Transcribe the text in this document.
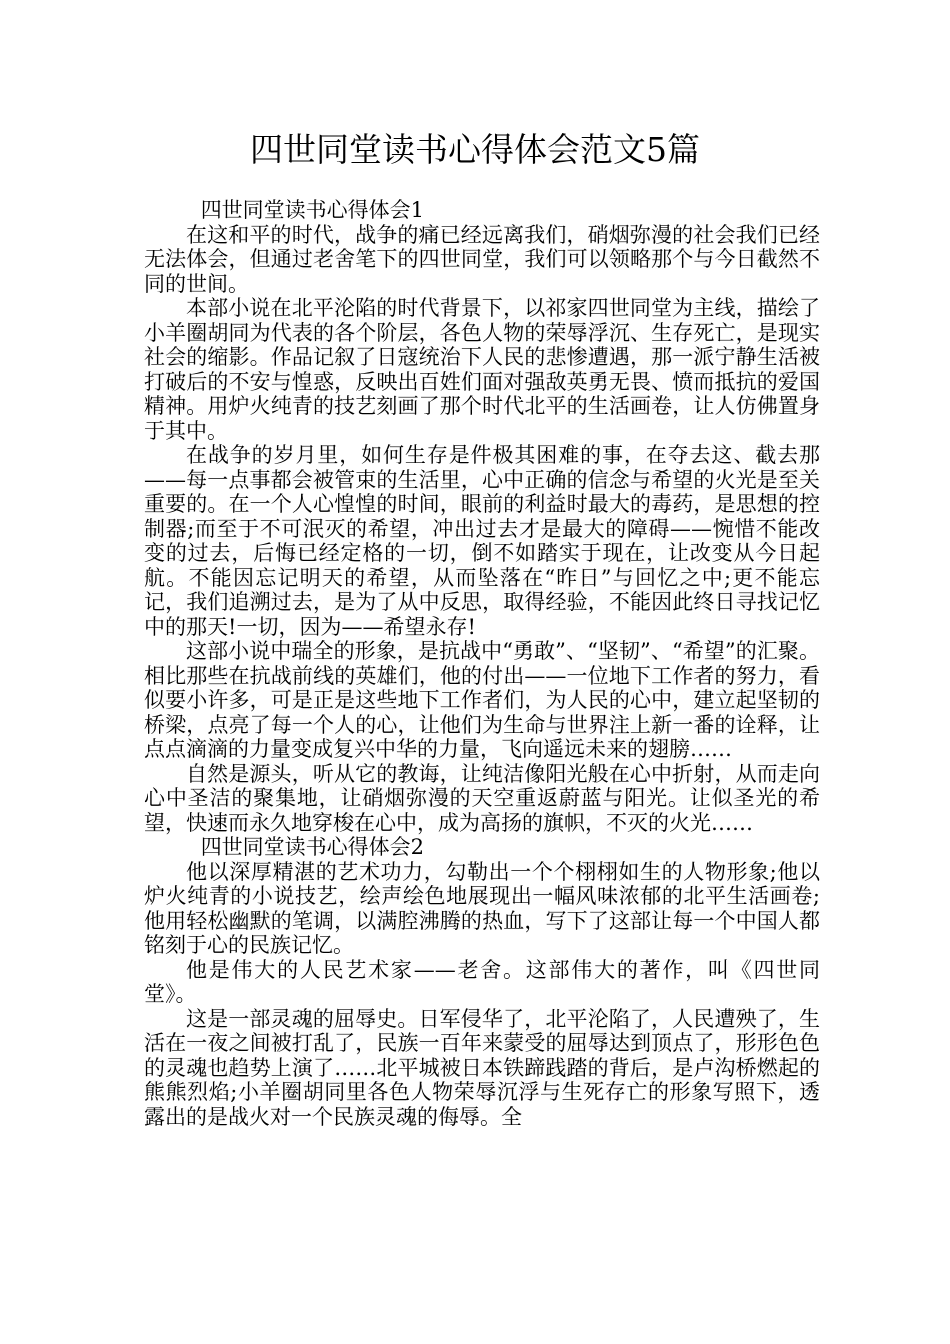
四世同堂读书心得体会范文5篇

四世同堂读书心得体会1

在这和平的时代，战争的痛已经远离我们，硝烟弥漫的社会我们已经无法体会，但通过老舍笔下的四世同堂，我们可以领略那个与今日截然不同的世间。

本部小说在北平沦陷的时代背景下，以祁家四世同堂为主线，描绘了小羊圈胡同为代表的各个阶层，各色人物的荣辱浮沉、生存死亡，是现实社会的缩影。作品记叙了日寇统治下人民的悲惨遭遇，那一派宁静生活被打破后的不安与惶惑，反映出百姓们面对强敌英勇无畏、愤而抵抗的爱国精神。用炉火纯青的技艺刻画了那个时代北平的生活画卷，让人仿佛置身于其中。

在战争的岁月里，如何生存是件极其困难的事，在夺去这、截去那——每一点事都会被管束的生活里，心中正确的信念与希望的火光是至关重要的。在一个人心惶惶的时间，眼前的利益时最大的毒药，是思想的控制器;而至于不可泯灭的希望，冲出过去才是最大的障碍——惋惜不能改变的过去，后悔已经定格的一切，倒不如踏实于现在，让改变从今日起航。不能因忘记明天的希望，从而坠落在“昨日”与回忆之中;更不能忘记，我们追溯过去，是为了从中反思，取得经验，不能因此终日寻找记忆中的那天!一切，因为——希望永存!

这部小说中瑞全的形象，是抗战中“勇敢”、“坚韧”、“希望”的汇聚。相比那些在抗战前线的英雄们，他的付出——一位地下工作者的努力，看似要小许多，可是正是这些地下工作者们，为人民的心中，建立起坚韧的桥梁，点亮了每一个人的心，让他们为生命与世界注上新一番的诠释，让点点滴滴的力量变成复兴中华的力量，飞向遥远未来的翅膀……

自然是源头，听从它的教诲，让纯洁像阳光般在心中折射，从而走向心中圣洁的聚集地，让硝烟弥漫的天空重返蔚蓝与阳光。让似圣光的希望，快速而永久地穿梭在心中，成为高扬的旗帜，不灭的火光……

四世同堂读书心得体会2

他以深厚精湛的艺术功力，勾勒出一个个栩栩如生的人物形象;他以炉火纯青的小说技艺，绘声绘色地展现出一幅风味浓郁的北平生活画卷;他用轻松幽默的笔调，以满腔沸腾的热血，写下了这部让每一个中国人都铭刻于心的民族记忆。

他是伟大的人民艺术家——老舍。这部伟大的著作，叫《四世同堂》。

这是一部灵魂的屈辱史。日军侵华了，北平沦陷了，人民遭殃了，生活在一夜之间被打乱了，民族一百年来蒙受的屈辱达到顶点了，形形色色的灵魂也趋势上演了……北平城被日本铁蹄践踏的背后，是卢沟桥燃起的熊熊烈焰;小羊圈胡同里各色人物荣辱沉浮与生死存亡的形象写照下，透露出的是战火对一个民族灵魂的侮辱。全
